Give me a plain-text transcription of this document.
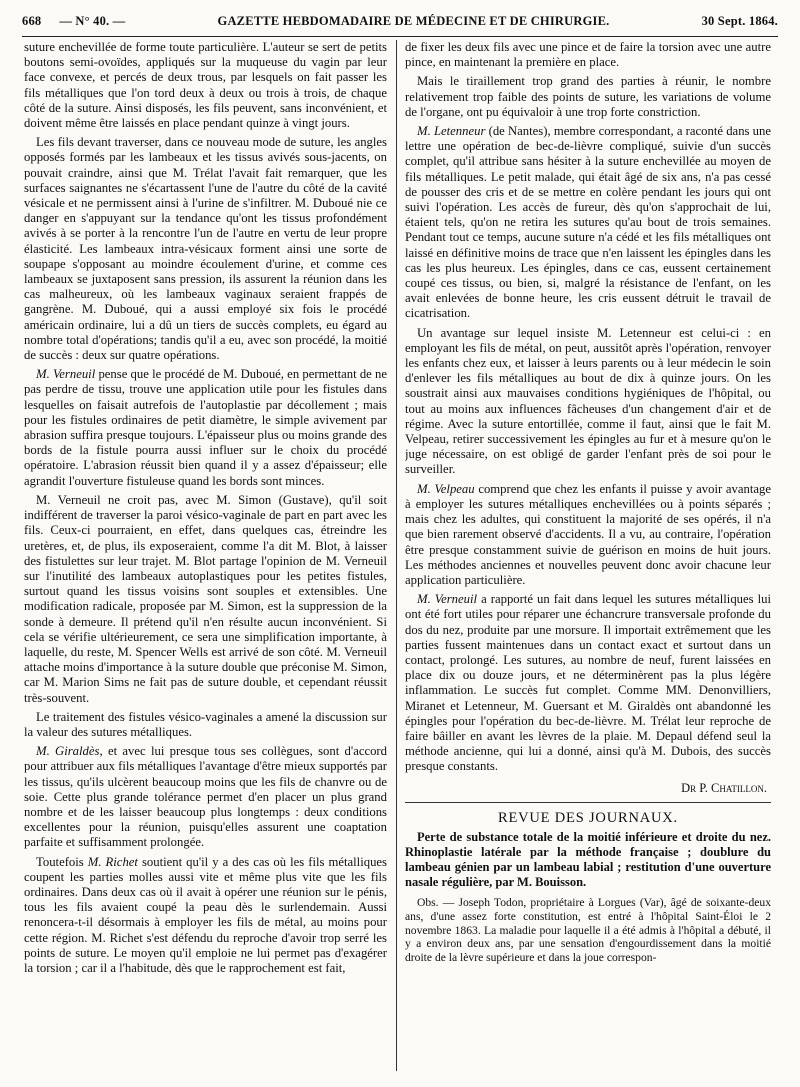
668 — N° 40. —	GAZETTE HEBDOMADAIRE DE MÉDECINE ET DE CHIRURGIE.	30 Sept. 1864.

suture enchevillée de forme toute particulière. L'auteur se sert de petits boutons semi-ovoïdes, appliqués sur la muqueuse du vagin par leur face convexe, et percés de deux trous, par lesquels on fait passer les fils métalliques que l'on tord deux à deux ou trois à trois, de chaque côté de la suture. Ainsi disposés, les fils peuvent, sans inconvénient, et doivent même être laissés en place pendant quinze à vingt jours.

Les fils devant traverser, dans ce nouveau mode de suture, les angles opposés formés par les lambeaux et les tissus avivés sous-jacents, on pouvait craindre, ainsi que M. Trélat l'avait fait remarquer, que les surfaces saignantes ne s'écartassent l'une de l'autre du côté de la cavité vésicale et ne permissent ainsi à l'urine de s'infiltrer. M. Duboué nie ce danger en s'appuyant sur la tendance qu'ont les tissus profondément avivés à se porter à la rencontre l'un de l'autre en vertu de leur propre élasticité. Les lambeaux intra-vésicaux forment ainsi une sorte de soupape s'opposant au moindre écoulement d'urine, et comme ces lambeaux se juxtaposent sans pression, ils assurent la réunion dans les cas malheureux, où les lambeaux vaginaux seraient frappés de gangrène. M. Duboué, qui a aussi employé six fois le procédé américain ordinaire, lui a dû un tiers de succès complets, eu égard au nombre total d'opérations; tandis qu'il a eu, avec son procédé, la moitié de succès : deux sur quatre opérations.

M. Verneuil pense que le procédé de M. Duboué, en permettant de ne pas perdre de tissu, trouve une application utile pour les fistules dans lesquelles on faisait autrefois de l'autoplastie par décollement ; mais pour les fistules ordinaires de petit diamètre, le simple avivement par abrasion suffira presque toujours. L'épaisseur plus ou moins grande des bords de la fistule pourra aussi influer sur le choix du procédé opératoire. L'abrasion réussit bien quand il y a assez d'épaisseur; elle agrandit l'ouverture fistuleuse quand les bords sont minces.

M. Verneuil ne croit pas, avec M. Simon (Gustave), qu'il soit indifférent de traverser la paroi vésico-vaginale de part en part avec les fils. Ceux-ci pourraient, en effet, dans quelques cas, étreindre les uretères, et, de plus, ils exposeraient, comme l'a dit M. Blot, à laisser des fistulettes sur leur trajet. M. Blot partage l'opinion de M. Verneuil sur l'inutilité des lambeaux autoplastiques pour les petites fistules, surtout quand les tissus voisins sont souples et extensibles. Une modification radicale, proposée par M. Simon, est la suppression de la sonde à demeure. Il prétend qu'il n'en résulte aucun inconvénient. Si cela se vérifie ultérieurement, ce sera une simplification importante, à laquelle, du reste, M. Spencer Wells est arrivé de son côté. M. Verneuil attache moins d'importance à la suture double que préconise M. Simon, car M. Marion Sims ne fait pas de suture double, et cependant réussit très-souvent.

Le traitement des fistules vésico-vaginales a amené la discussion sur la valeur des sutures métalliques.

M. Giraldès, et avec lui presque tous ses collègues, sont d'accord pour attribuer aux fils métalliques l'avantage d'être mieux supportés par les tissus, qu'ils ulcèrent beaucoup moins que les fils de chanvre ou de soie. Cette plus grande tolérance permet d'en placer un plus grand nombre et de les laisser beaucoup plus longtemps : deux conditions excellentes pour la réunion, puisqu'elles assurent une coaptation parfaite et suffisamment prolongée.

Toutefois M. Richet soutient qu'il y a des cas où les fils métalliques coupent les parties molles aussi vite et même plus vite que les fils ordinaires. Dans deux cas où il avait à opérer une réunion sur le pénis, tous les fils avaient coupé la peau dès le surlendemain. Aussi renoncera-t-il désormais à employer les fils de métal, au moins pour cette région. M. Richet s'est défendu du reproche d'avoir trop serré les points de suture. Le moyen qu'il emploie ne lui permet pas d'exagérer la torsion ; car il a l'habitude, dès que le rapprochement est fait,

de fixer les deux fils avec une pince et de faire la torsion avec une autre pince, en maintenant la première en place.

Mais le tiraillement trop grand des parties à réunir, le nombre relativement trop faible des points de suture, les variations de volume de l'organe, ont pu équivaloir à une trop forte constriction.

M. Letenneur (de Nantes), membre correspondant, a raconté dans une lettre une opération de bec-de-lièvre compliqué, suivie d'un succès complet, qu'il attribue sans hésiter à la suture enchevillée au moyen de fils métalliques. Le petit malade, qui était âgé de six ans, n'a pas cessé de pousser des cris et de se mettre en colère pendant les jours qui ont suivi l'opération. Les accès de fureur, dès qu'on s'approchait de lui, étaient tels, qu'on ne retira les sutures qu'au bout de trois semaines. Pendant tout ce temps, aucune suture n'a cédé et les fils métalliques ont laissé en définitive moins de trace que n'en laissent les épingles dans les cas les plus heureux. Les épingles, dans ce cas, eussent certainement coupé ces tissus, ou bien, si, malgré la résistance de l'enfant, on les avait enlevées de bonne heure, les cris eussent détruit le travail de cicatrisation.

Un avantage sur lequel insiste M. Letenneur est celui-ci : en employant les fils de métal, on peut, aussitôt après l'opération, renvoyer les enfants chez eux, et laisser à leurs parents ou à leur médecin le soin d'enlever les fils métalliques au bout de dix à quinze jours. On les soustrait ainsi aux mauvaises conditions hygiéniques de l'hôpital, ou tout au moins aux influences fâcheuses d'un changement d'air et de régime. Avec la suture entortillée, comme il faut, ainsi que le fait M. Velpeau, retirer successivement les épingles au fur et à mesure qu'on le juge nécessaire, on est obligé de garder l'enfant près de soi pour le surveiller.

M. Velpeau comprend que chez les enfants il puisse y avoir avantage à employer les sutures métalliques enchevillées ou à points séparés ; mais chez les adultes, qui constituent la majorité de ses opérés, il n'a que bien rarement observé d'accidents. Il a vu, au contraire, l'opération être presque constamment suivie de guérison en moins de huit jours. Les méthodes anciennes et nouvelles peuvent donc avoir chacune leur application particulière.

M. Verneuil a rapporté un fait dans lequel les sutures métalliques lui ont été fort utiles pour réparer une échancrure transversale profonde du dos du nez, produite par une morsure. Il importait extrêmement que les parties fussent maintenues dans un contact exact et surtout dans un contact, prolongé. Les sutures, au nombre de neuf, furent laissées en place dix ou douze jours, et ne déterminèrent pas la plus légère inflammation. Le succès fut complet. Comme MM. Denonvilliers, Miranet et Letenneur, M. Guersant et M. Giraldès ont abandonné les épingles pour l'opération du bec-de-lièvre. M. Trélat leur reproche de faire bâiller en avant les lèvres de la plaie. M. Depaul défend seul la méthode ancienne, qui lui a donné, ainsi qu'à M. Dubois, des succès presque constants.

Dr P. Chatillon.
REVUE DES JOURNAUX.
Perte de substance totale de la moitié inférieure et droite du nez. Rhinoplastie latérale par la méthode française ; doublure du lambeau génien par un lambeau labial ; restitution d'une ouverture nasale régulière, par M. Bouisson.

Obs. — Joseph Todon, propriétaire à Lorgues (Var), âgé de soixante-deux ans, d'une assez forte constitution, est entré à l'hôpital Saint-Éloi le 2 novembre 1863. La maladie pour laquelle il a été admis à l'hôpital a débuté, il y a environ deux ans, par une sensation d'engourdissement dans la moitié droite de la lèvre supérieure et dans la joue correspon-
